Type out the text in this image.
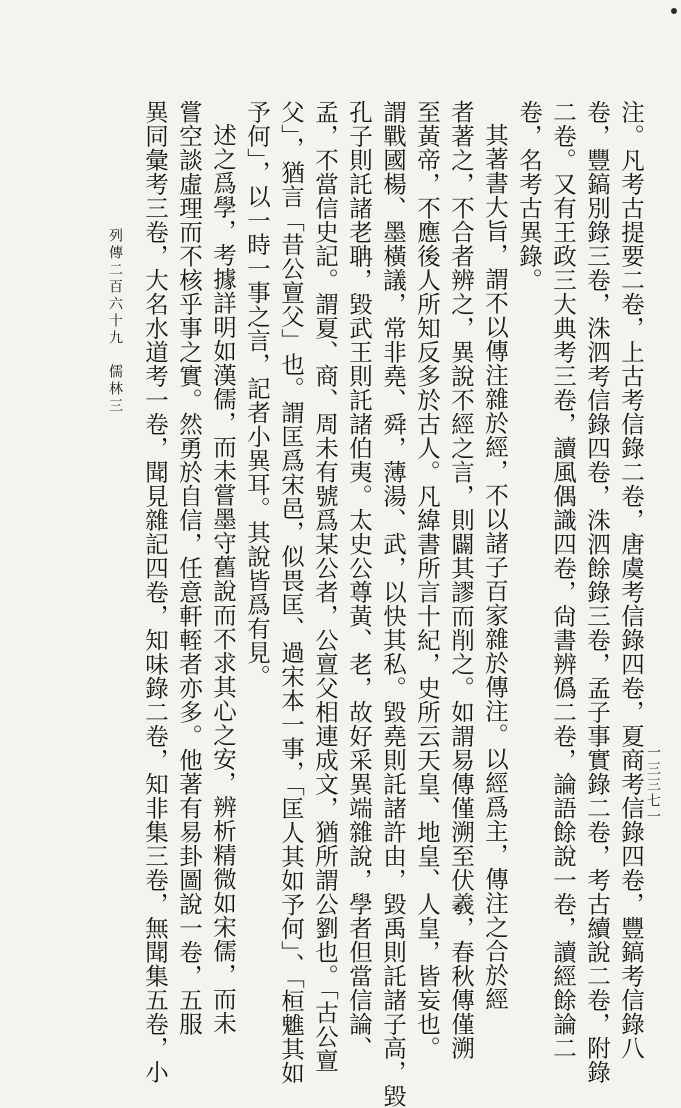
注。凡考古提要二卷，上古考信錄二卷，唐虞考信錄四卷，夏商考信錄四卷，豐鎬考信錄八
卷，豐鎬別錄三卷，洙泗考信錄四卷，洙泗餘錄三卷，孟子事實錄二卷，考古續說二卷，附錄
二卷。又有王政三大典考三卷，讀風偶識四卷，尙書辨僞二卷，論語餘說一卷，讀經餘論二
卷，名考古異錄。
其著書大旨，謂不以傳注雜於經，不以諸子百家雜於傳注。以經爲主，傳注之合於經
者著之，不合者辨之，異說不經之言，則闢其謬而削之。如謂易傳僅溯至伏羲，春秋傳僅溯
至黃帝，不應後人所知反多於古人。凡緯書所言十紀，史所云天皇、地皇、人皇，皆妄也。
謂戰國楊、墨橫議，常非堯、舜，薄湯、武，以快其私。毀堯則託諸許由，毀禹則託諸子高，毀
孔子則託諸老聃，毀武王則託諸伯夷。太史公尊黃、老，故好采異端雜說，學者但當信論、
孟，不當信史記。謂夏、商、周未有號爲某公者，公亶父相連成文，猶所謂公劉也。「古公亶
父」，猶言「昔公亶父」也。謂匡爲宋邑，似畏匡、過宋本一事，「匡人其如予何」、「桓魋其如
予何」，以一時一事之言，記者小異耳。其說皆爲有見。
述之爲學，考據詳明如漢儒，而未嘗墨守舊說而不求其心之安，辨析精微如宋儒，而未
嘗空談虛理而不核乎事之實。然勇於自信，任意軒輊者亦多。他著有易卦圖說一卷，五服
異同彙考三卷，大名水道考一卷，聞見雜記四卷，知味錄二卷，知非集三卷，無聞集五卷，小
列傳二百六十九　儒林三
一三三七一
